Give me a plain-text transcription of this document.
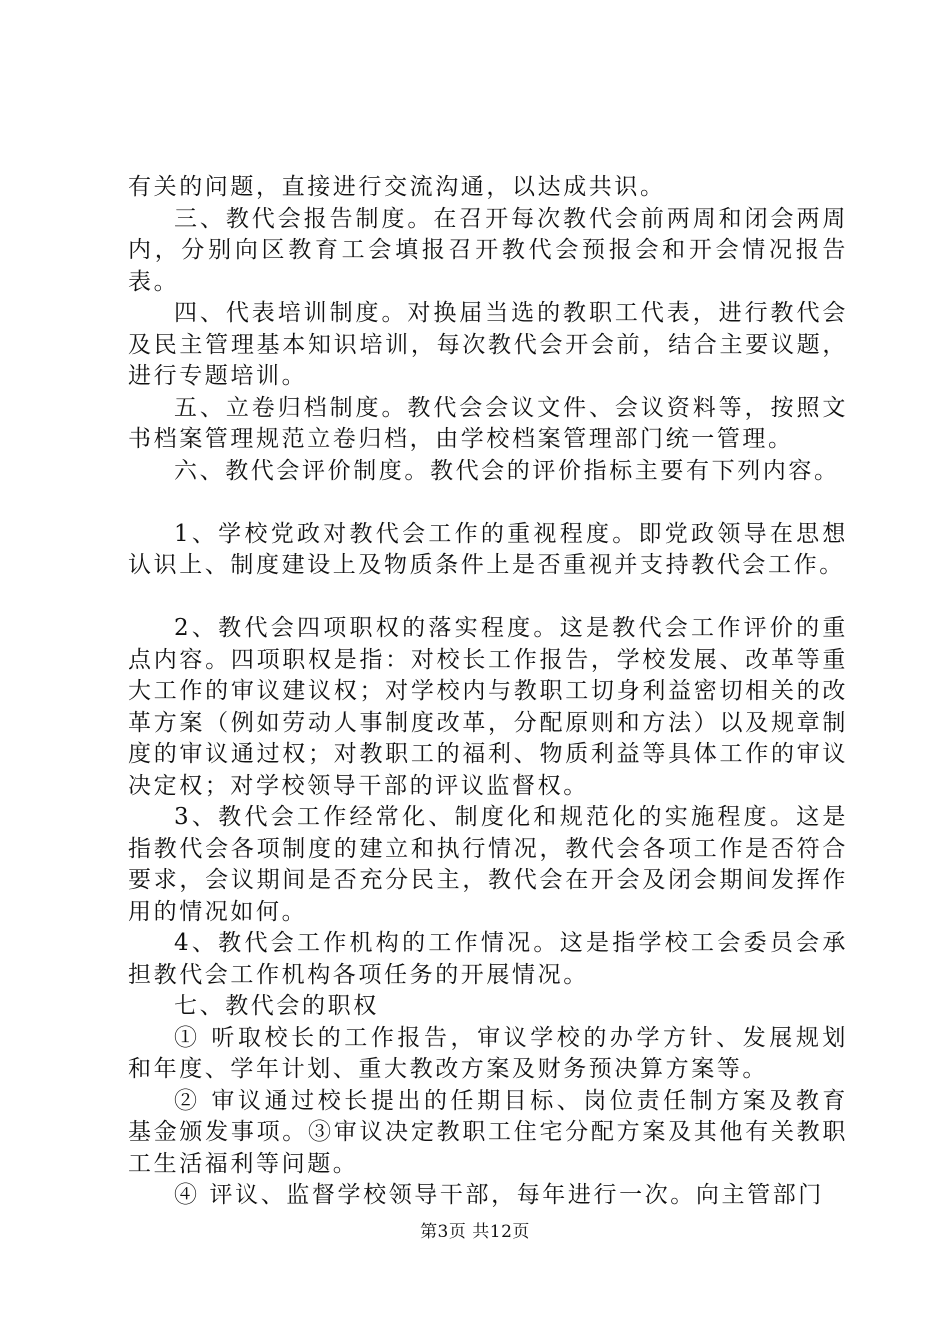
有关的问题，直接进行交流沟通，以达成共识。

三、教代会报告制度。在召开每次教代会前两周和闭会两周内，分别向区教育工会填报召开教代会预报会和开会情况报告表。

四、代表培训制度。对换届当选的教职工代表，进行教代会及民主管理基本知识培训，每次教代会开会前，结合主要议题，进行专题培训。

五、立卷归档制度。教代会会议文件、会议资料等，按照文书档案管理规范立卷归档，由学校档案管理部门统一管理。

六、教代会评价制度。教代会的评价指标主要有下列内容。

1、学校党政对教代会工作的重视程度。即党政领导在思想认识上、制度建设上及物质条件上是否重视并支持教代会工作。

2、教代会四项职权的落实程度。这是教代会工作评价的重点内容。四项职权是指：对校长工作报告，学校发展、改革等重大工作的审议建议权；对学校内与教职工切身利益密切相关的改革方案（例如劳动人事制度改革，分配原则和方法）以及规章制度的审议通过权；对教职工的福利、物质利益等具体工作的审议决定权；对学校领导干部的评议监督权。

3、教代会工作经常化、制度化和规范化的实施程度。这是指教代会各项制度的建立和执行情况，教代会各项工作是否符合要求，会议期间是否充分民主，教代会在开会及闭会期间发挥作用的情况如何。

4、教代会工作机构的工作情况。这是指学校工会委员会承担教代会工作机构各项任务的开展情况。

七、教代会的职权

① 听取校长的工作报告，审议学校的办学方针、发展规划和年度、学年计划、重大教改方案及财务预决算方案等。

② 审议通过校长提出的任期目标、岗位责任制方案及教育基金颁发事项。③审议决定教职工住宅分配方案及其他有关教职工生活福利等问题。

④ 评议、监督学校领导干部，每年进行一次。向主管部门

第3页 共12页
